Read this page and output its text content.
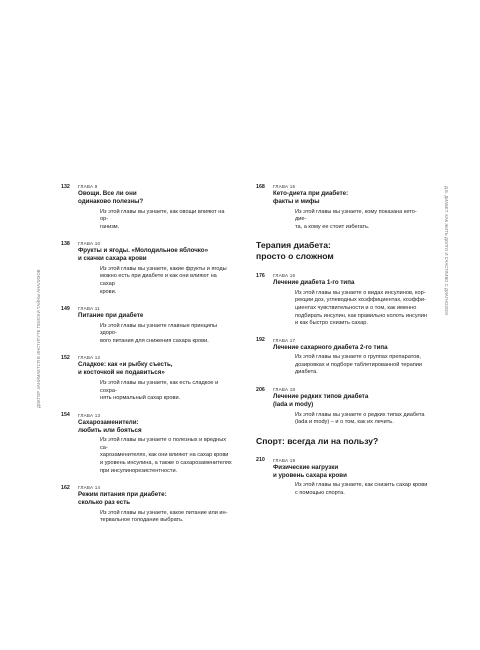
ДОКТОР ЗАНИМАЕТСЯ В ИНСТИТУТЕ ПОИСКИ ТАЙНЫ АНАЛИЗОВ
Д.Б. ДИАБЕТ. КАК ЖИТЬ ДОЛГО И СЧАСТЛИВО С ДИАГНОЗОМ
132	ГЛАВА 9
Овощи. Все ли они
одинаково полезны?
Из этой главы вы узнаете, как овощи влияют на ор-
ганизм.
138	ГЛАВА 10
Фрукты и ягоды. «Молодильное яблочко»
и скачки сахара крови
Из этой главы вы узнаете, какие фрукты и ягоды
можно есть при диабете и как они влияют на сахар
крови.
149	ГЛАВА 11
Питание при диабете
Из этой главы вы узнаете главные принципы здоро-
вого питания для снижения сахара крови.
152	ГЛАВА 12
Сладкое: как «и рыбку съесть,
и косточкой не подавиться»
Из этой главы вы узнаете, как есть сладкое и сохра-
нять нормальный сахар крови.
154	ГЛАВА 13
Сахарозаменители:
любить или бояться
Из этой главы вы узнаете о полезных и вредных са-
харозаменителях, как они влияют на сахар крови
и уровень инсулина, а также о сахарозаменителях
при инсулинорезистентности.
162	ГЛАВА 14
Режим питания при диабете:
сколько раз есть
Из этой главы вы узнаете, какое питание или ин-
тервальное голодание выбрать.
168	ГЛАВА 15
Кето-диета при диабете:
факты и мифы
Из этой главы вы узнаете, кому показана кето-дие-
та, а кому ее стоит избегать.
Терапия диабета:
просто о сложном
176	ГЛАВА 16
Лечение диабета 1-го типа
Из этой главы вы узнаете о видах инсулинов, кор-
рекции доз, углеводных коэффициентах, коэффи-
циентах чувствительности и о том, как именно
подбирать инсулин, как правильно колоть инсулин
и как быстро снизить сахар.
192	ГЛАВА 17
Лечение сахарного диабета 2-го типа
Из этой главы вы узнаете о группах препаратов,
дозировках и подборе таблетированной терапии
диабета.
206	ГЛАВА 18
Лечение редких типов диабета
(lada и mody)
Из этой главы вы узнаете о редких типах диабета
(lada и mody) – и о том, как их лечить.
Спорт: всегда ли на пользу?
210	ГЛАВА 19
Физические нагрузки
и уровень сахара крови
Из этой главы вы узнаете, как снизить сахар крови
с помощью спорта.
